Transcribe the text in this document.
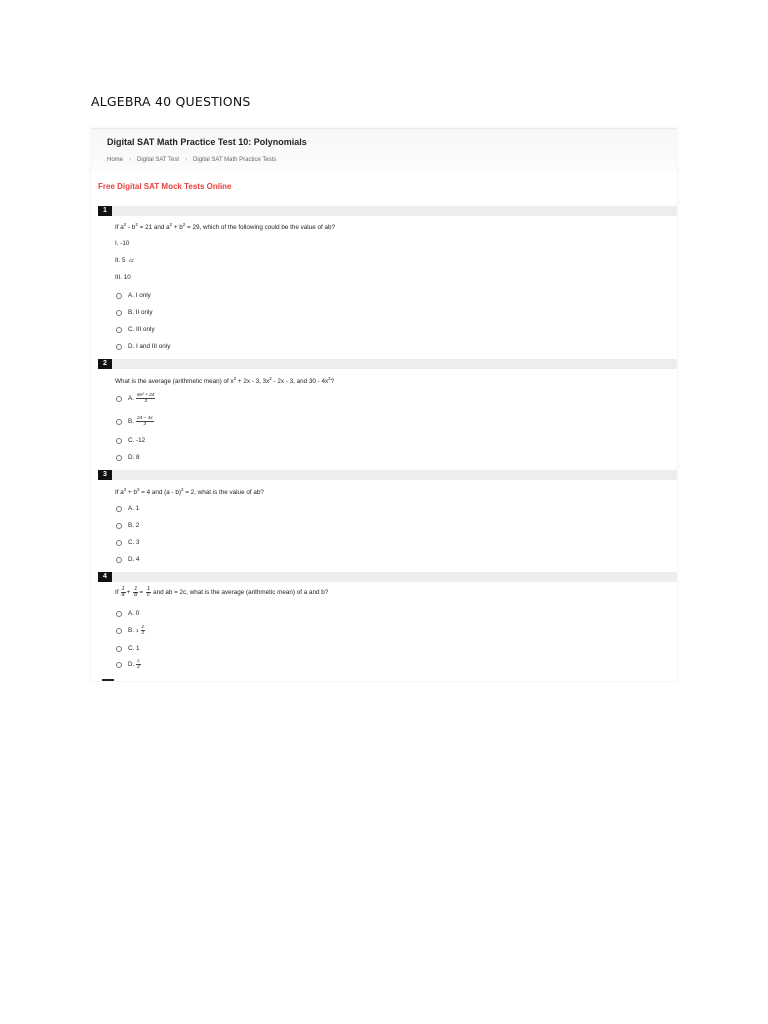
ALGEBRA 40 QUESTIONS
Digital SAT Math Practice Test 10: Polynomials
Home › Digital SAT Test › Digital SAT Math Practice Tests
Free Digital SAT Mock Tests Online
1
If $a^2 - b^2 = 21$ and $a^2 + b^2 = 29$, which of the following could be the value of ab?
I. -10
II. 5 √2
III. 10
A. I only
B. II only
C. III only
D. I and III only
2
What is the average (arithmetic mean) of $x^2 + 2x - 3$, $3x^2 - 2x - 3$, and $30 - 4x^2$?
A. $\frac{\text{8x² + 24}}{3}$
B. $\frac{24 - 4x}{3}$
C. -12
D. 8
3
If $a^2 + b^2 = 4$ and (a - b)$^2$ = 2, what is the value of ab?
A. 1
B. 2
C. 3
D. 4
4
If $\frac{1}{a} + \frac{1}{b} = \frac{1}{c}$ and ab = 2c, what is the average (arithmetic mean) of a and b?
A. 0
B. $1 \frac{1}{2}$
C. 1
D. $\frac{c}{2}$
